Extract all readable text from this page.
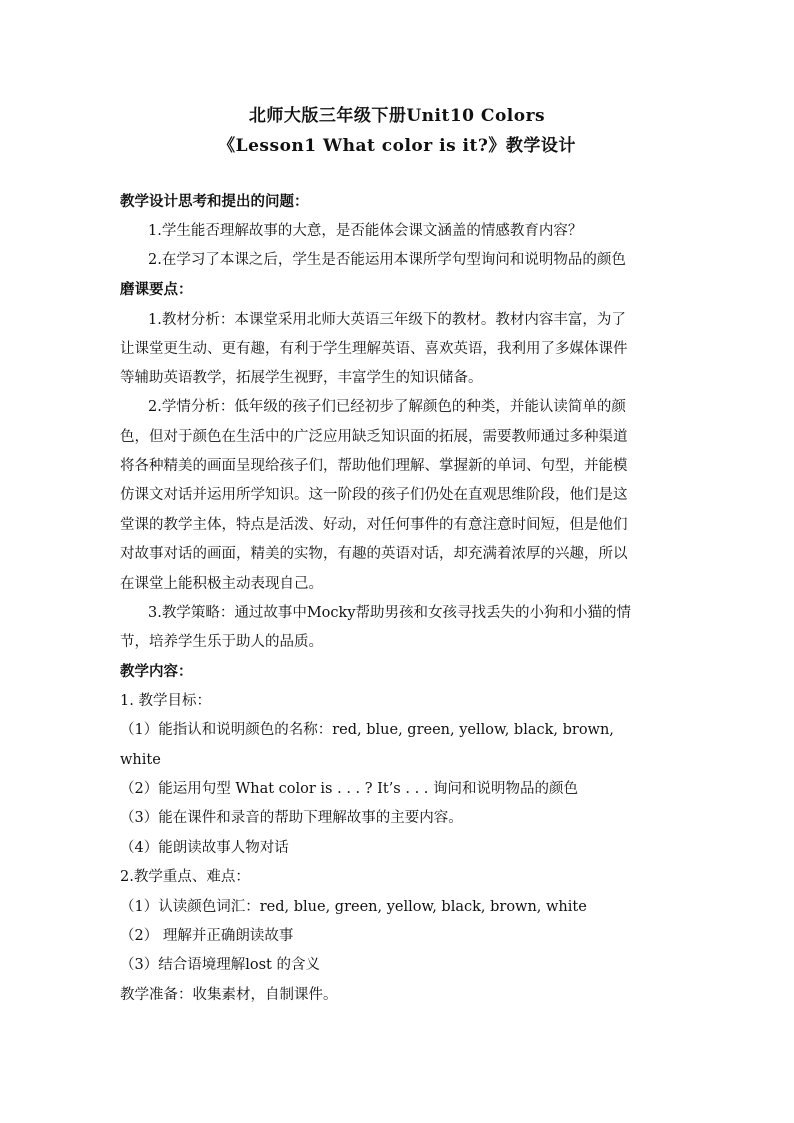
北师大版三年级下册Unit10 Colors
《Lesson1 What color is it?》教学设计
教学设计思考和提出的问题：
1.学生能否理解故事的大意，是否能体会课文涵盖的情感教育内容？
2.在学习了本课之后，学生是否能运用本课所学句型询问和说明物品的颜色
磨课要点：
1.教材分析：本课堂采用北师大英语三年级下的教材。教材内容丰富，为了
让课堂更生动、更有趣，有利于学生理解英语、喜欢英语，我利用了多媒体课件
等辅助英语教学，拓展学生视野，丰富学生的知识储备。
2.学情分析：低年级的孩子们已经初步了解颜色的种类，并能认读简单的颜
色，但对于颜色在生活中的广泛应用缺乏知识面的拓展，需要教师通过多种渠道
将各种精美的画面呈现给孩子们，帮助他们理解、掌握新的单词、句型，并能模
仿课文对话并运用所学知识。这一阶段的孩子们仍处在直观思维阶段，他们是这
堂课的教学主体，特点是活泼、好动，对任何事件的有意注意时间短，但是他们
对故事对话的画面，精美的实物，有趣的英语对话，却充满着浓厚的兴趣，所以
在课堂上能积极主动表现自己。
3.教学策略：通过故事中Mocky帮助男孩和女孩寻找丢失的小狗和小猫的情
节，培养学生乐于助人的品质。
教学内容：
1. 教学目标：
（1）能指认和说明颜色的名称：red, blue, green, yellow, black, brown,
white
（2）能运用句型 What color is . . . ? It’s . . . 询问和说明物品的颜色
（3）能在课件和录音的帮助下理解故事的主要内容。
（4）能朗读故事人物对话
2.教学重点、难点：
（1）认读颜色词汇：red, blue, green, yellow, black, brown, white
（2） 理解并正确朗读故事
（3）结合语境理解lost 的含义
教学准备：收集素材，自制课件。
